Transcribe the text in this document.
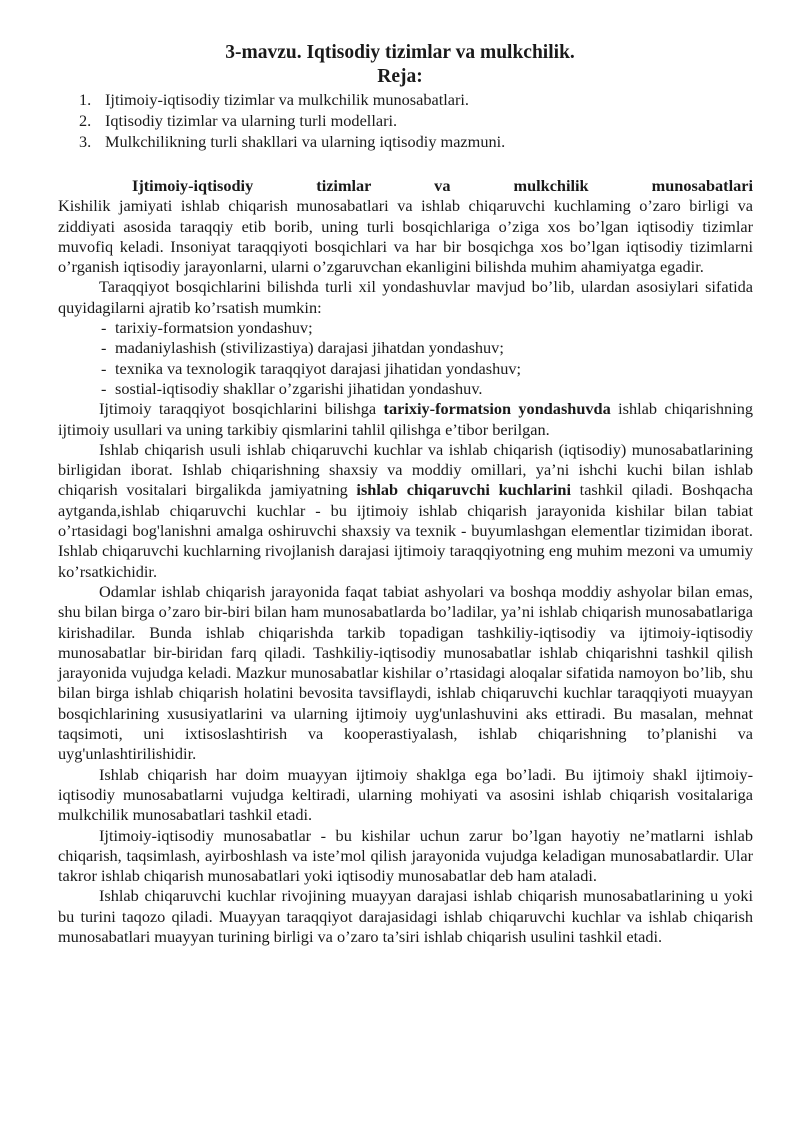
3-mavzu. Iqtisodiy tizimlar va mulkchilik.
Reja:
1. Ijtimoiy-iqtisodiy tizimlar va mulkchilik munosabatlari.
2. Iqtisodiy tizimlar va ularning turli modellari.
3. Mulkchilikning turli shakllari va ularning iqtisodiy mazmuni.
Ijtimoiy-iqtisodiy tizimlar va mulkchilik munosabatlari

Kishilik jamiyati ishlab chiqarish munosabatlari va ishlab chiqaruvchi kuchlaming o’zaro birligi va ziddiyati asosida taraqqiy etib borib, uning turli bosqichlariga o’ziga xos bo’lgan iqtisodiy tizimlar muvofiq keladi. Insoniyat taraqqiyoti bosqichlari va har bir bosqichga xos bo’lgan iqtisodiy tizimlarni o’rganish iqtisodiy jarayonlarni, ularni o’zgaruvchan ekanligini bilishda muhim ahamiyatga egadir.

Taraqqiyot bosqichlarini bilishda turli xil yondashuvlar mavjud bo’lib, ulardan asosiylari sifatida quyidagilarni ajratib ko’rsatish mumkin:

- tarixiy-formatsion yondashuv;
- madaniylashish (stivilizastiya) darajasi jihatdan yondashuv;
- texnika va texnologik taraqqiyot darajasi jihatidan yondashuv;
- sostial-iqtisodiy shakllar o’zgarishi jihatidan yondashuv.

Ijtimoiy taraqqiyot bosqichlarini bilishga tarixiy-formatsion yondashuvda ishlab chiqarishning ijtimoiy usullari va uning tarkibiy qismlarini tahlil qilishga e’tibor berilgan.

Ishlab chiqarish usuli ishlab chiqaruvchi kuchlar va ishlab chiqarish (iqtisodiy) munosabatlarining birligidan iborat. Ishlab chiqarishning shaxsiy va moddiy omillari, ya’ni ishchi kuchi bilan ishlab chiqarish vositalari birgalikda jamiyatning ishlab chiqaruvchi kuchlarini tashkil qiladi. Boshqacha aytganda,ishlab chiqaruvchi kuchlar - bu ijtimoiy ishlab chiqarish jarayonida kishilar bilan tabiat o’rtasidagi bog'lanishni amalga oshiruvchi shaxsiy va texnik - buyumlashgan elementlar tizimidan iborat. Ishlab chiqaruvchi kuchlarning rivojlanish darajasi ijtimoiy taraqqiyotning eng muhim mezoni va umumiy ko’rsatkichidir.

Odamlar ishlab chiqarish jarayonida faqat tabiat ashyolari va boshqa moddiy ashyolar bilan emas, shu bilan birga o’zaro bir-biri bilan ham munosabatlarda bo’ladilar, ya’ni ishlab chiqarish munosabatlariga kirishadilar. Bunda ishlab chiqarishda tarkib topadigan tashkiliy-iqtisodiy va ijtimoiy-iqtisodiy munosabatlar bir-biridan farq qiladi. Tashkiliy-iqtisodiy munosabatlar ishlab chiqarishni tashkil qilish jarayonida vujudga keladi. Mazkur munosabatlar kishilar o’rtasidagi aloqalar sifatida namoyon bo’lib, shu bilan birga ishlab chiqarish holatini bevosita tavsiflaydi, ishlab chiqaruvchi kuchlar taraqqiyoti muayyan bosqichlarining xususiyatlarini va ularning ijtimoiy uyg'unlashuvini aks ettiradi. Bu masalan, mehnat taqsimoti, uni ixtisoslashtirish va kooperastiyalash, ishlab chiqarishning to’planishi va uyg'unlashtirilishidir.

Ishlab chiqarish har doim muayyan ijtimoiy shaklga ega bo’ladi. Bu ijtimoiy shakl ijtimoiy-iqtisodiy munosabatlarni vujudga keltiradi, ularning mohiyati va asosini ishlab chiqarish vositalariga mulkchilik munosabatlari tashkil etadi.

Ijtimoiy-iqtisodiy munosabatlar - bu kishilar uchun zarur bo’lgan hayotiy ne’matlarni ishlab chiqarish, taqsimlash, ayirboshlash va iste’mol qilish jarayonida vujudga keladigan munosabatlardir. Ular takror ishlab chiqarish munosabatlari yoki iqtisodiy munosabatlar deb ham ataladi.

Ishlab chiqaruvchi kuchlar rivojining muayyan darajasi ishlab chiqarish munosabatlarining u yoki bu turini taqozo qiladi. Muayyan taraqqiyot darajasidagi ishlab chiqaruvchi kuchlar va ishlab chiqarish munosabatlari muayyan turining birligi va o’zaro ta’siri ishlab chiqarish usulini tashkil etadi.
